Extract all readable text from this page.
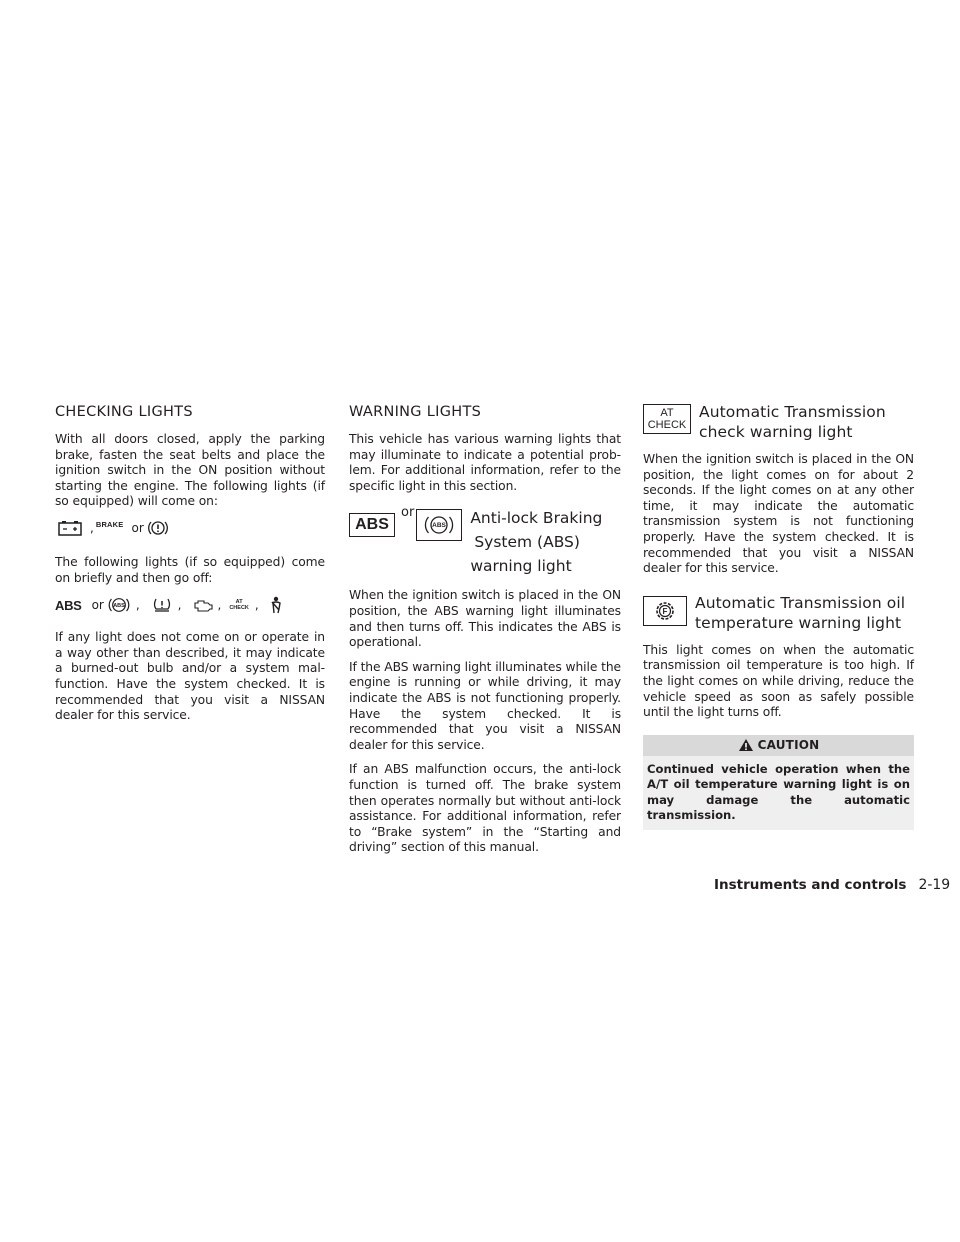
CHECKING LIGHTS

With all doors closed, apply the parking brake, fasten the seat belts and place the ignition switch in the ON position without starting the engine. The following lights (if so equipped) will come on:

, BRAKE or

The following lights (if so equipped) come on briefly and then go off:

ABS or ABS ,	,	,	AT
CHECK ,

If any light does not come on or operate in a way other than described, it may indicate a burned-out bulb and/or a system mal-function. Have the system checked. It is recommended that you visit a NISSAN dealer for this service.

WARNING LIGHTS

This vehicle has various warning lights that may illuminate to indicate a potential prob-lem. For additional information, refer to the specific light in this section.

ABS
or
ABS Anti-lock Braking
System (ABS)
warning light

When the ignition switch is placed in the ON position, the ABS warning light illuminates and then turns off. This indicates the ABS is operational.

If the ABS warning light illuminates while the engine is running or while driving, it may indicate the ABS is not functioning properly. Have the system checked. It is recommended that you visit a NISSAN dealer for this service.

If an ABS malfunction occurs, the anti-lock function is turned off. The brake system then operates normally but without anti-lock assistance. For additional information, refer to “Brake system” in the “Starting and driving” section of this manual.

AT
CHECK
Automatic Transmission
check warning light

When the ignition switch is placed in the ON position, the light comes on for about 2 seconds. If the light comes on at any other time, it may indicate the automatic transmission system is not functioning properly. Have the system checked. It is recommended that you visit a NISSAN dealer for this service.

F Automatic Transmission oil
temperature warning light

This light comes on when the automatic transmission oil temperature is too high. If the light comes on while driving, reduce the vehicle speed as soon as safely possible until the light turns off.

CAUTION
Continued vehicle operation when the A/T oil temperature warning light is on may damage the automatic transmission.
Instruments and controls 2-19
